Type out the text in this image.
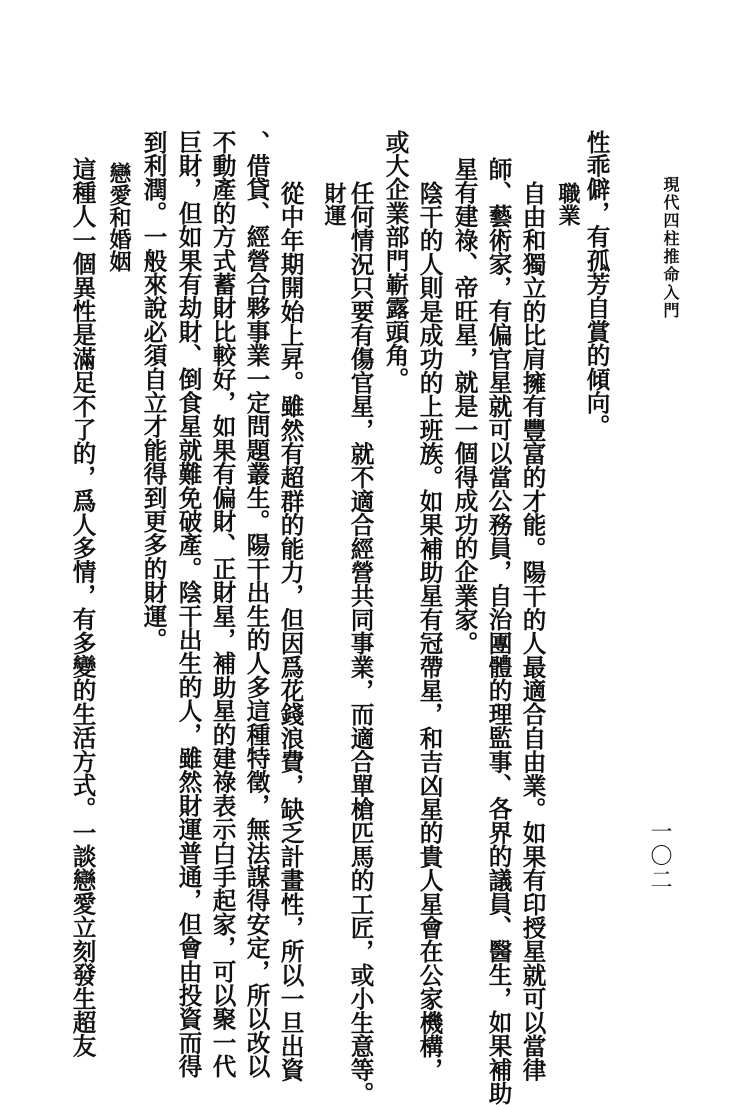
現代四柱推命入門
一〇二
性乖僻，有孤芳自賞的傾向。
職業
自由和獨立的比肩擁有豐富的才能。陽干的人最適合自由業。如果有印授星就可以當律
師、藝術家，有偏官星就可以當公務員，自治團體的理監事、各界的議員、醫生，如果補助
星有建祿、帝旺星，就是一個得成功的企業家。
陰干的人則是成功的上班族。如果補助星有冠帶星，和吉凶星的貴人星會在公家機構，
或大企業部門嶄露頭角。
財運 任何情況只要有傷官星，就不適合經營共同事業，而適合單槍匹馬的工匠，或小生意等。
從中年期開始上昇。雖然有超群的能力，但因爲花錢浪費，缺乏計畫性，所以一旦出資
、借貸、經營合夥事業一定問題叢生。陽干出生的人多這種特徵，無法謀得安定，所以改以
不動產的方式蓄財比較好，如果有偏財、正財星，補助星的建祿表示白手起家，可以聚一代
巨財，但如果有劫財、倒食星就難免破產。陰干出生的人，雖然財運普通，但會由投資而得
到利潤。一般來說必須自立才能得到更多的財運。
戀愛和婚姻
這種人一個異性是滿足不了的，爲人多情，有多變的生活方式。一談戀愛立刻發生超友
